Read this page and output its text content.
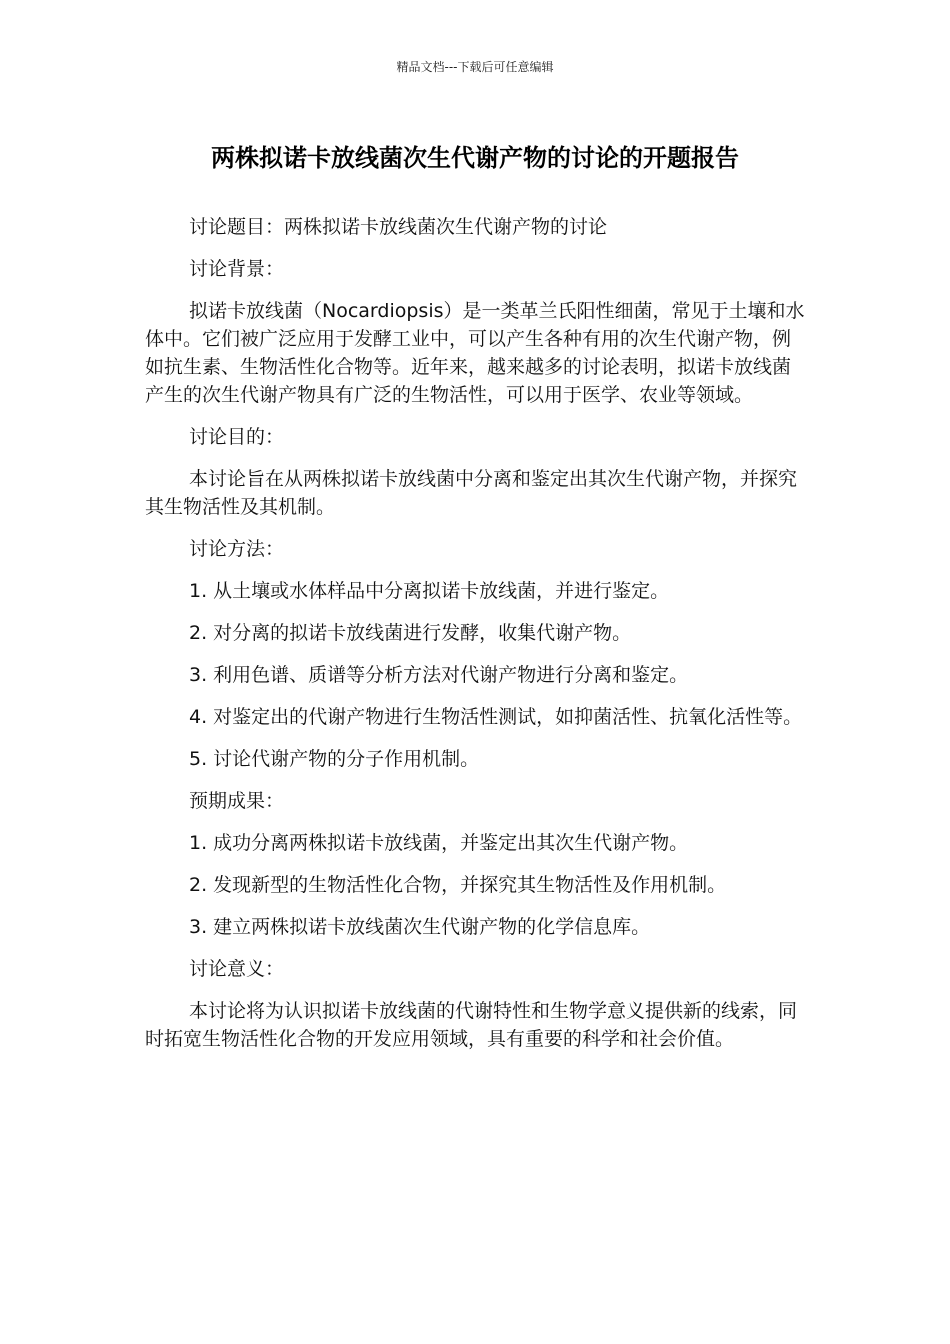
精品文档---下载后可任意编辑
两株拟诺卡放线菌次生代谢产物的讨论的开题报告

讨论题目：两株拟诺卡放线菌次生代谢产物的讨论

讨论背景：

拟诺卡放线菌（Nocardiopsis）是一类革兰氏阳性细菌，常见于土壤和水体中。它们被广泛应用于发酵工业中，可以产生各种有用的次生代谢产物，例如抗生素、生物活性化合物等。近年来，越来越多的讨论表明，拟诺卡放线菌产生的次生代谢产物具有广泛的生物活性，可以用于医学、农业等领域。

讨论目的：

本讨论旨在从两株拟诺卡放线菌中分离和鉴定出其次生代谢产物，并探究其生物活性及其机制。

讨论方法：

1. 从土壤或水体样品中分离拟诺卡放线菌，并进行鉴定。

2. 对分离的拟诺卡放线菌进行发酵，收集代谢产物。

3. 利用色谱、质谱等分析方法对代谢产物进行分离和鉴定。

4. 对鉴定出的代谢产物进行生物活性测试，如抑菌活性、抗氧化活性等。

5. 讨论代谢产物的分子作用机制。

预期成果：

1. 成功分离两株拟诺卡放线菌，并鉴定出其次生代谢产物。

2. 发现新型的生物活性化合物，并探究其生物活性及作用机制。

3. 建立两株拟诺卡放线菌次生代谢产物的化学信息库。

讨论意义：

本讨论将为认识拟诺卡放线菌的代谢特性和生物学意义提供新的线索，同时拓宽生物活性化合物的开发应用领域，具有重要的科学和社会价值。
